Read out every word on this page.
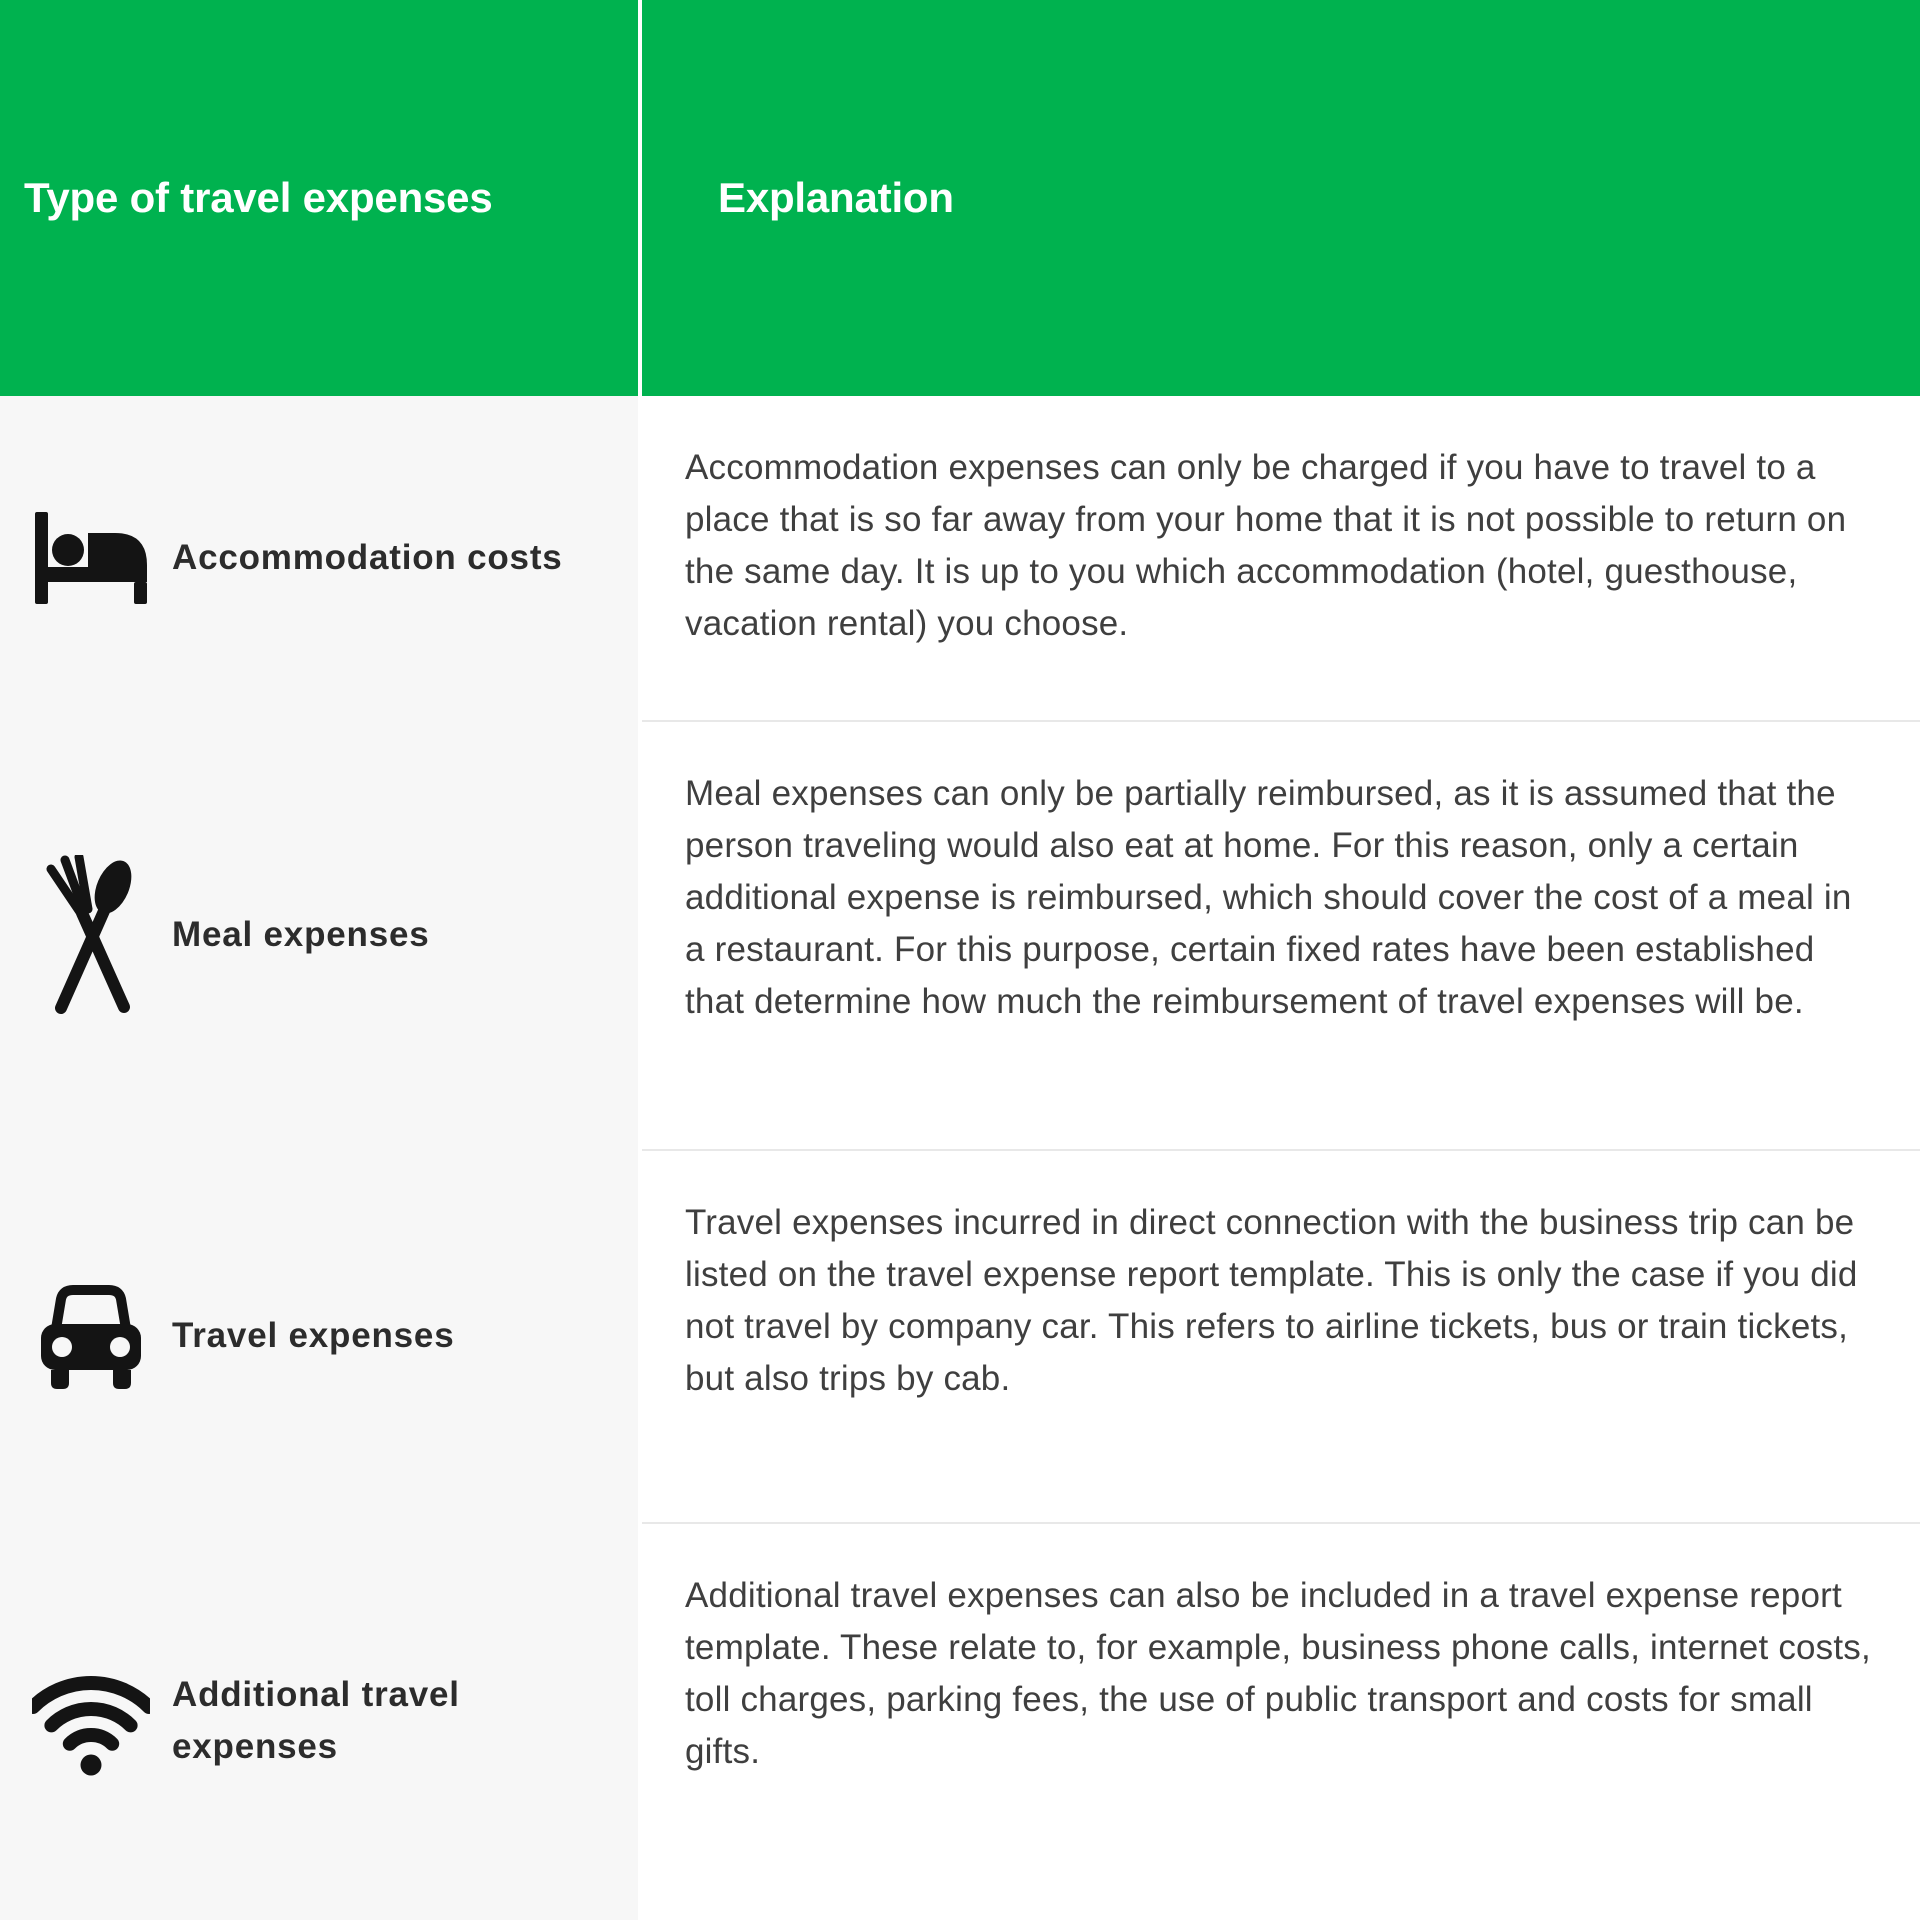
Type of travel expenses	Explanation
Accommodation costs
Meal expenses
Travel expenses
Additional travel expenses

Accommodation expenses can only be charged if you have to travel to a place that is so far away from your home that it is not possible to return on the same day. It is up to you which accommodation (hotel, guesthouse, vacation rental) you choose.

Meal expenses can only be partially reimbursed, as it is assumed that the person traveling would also eat at home. For this reason, only a certain additional expense is reimbursed, which should cover the cost of a meal in a restaurant. For this purpose, certain fixed rates have been established that determine how much the reimbursement of travel expenses will be.

Travel expenses incurred in direct connection with the business trip can be listed on the travel expense report template. This is only the case if you did not travel by company car. This refers to airline tickets, bus or train tickets, but also trips by cab.

Additional travel expenses can also be included in a travel expense report template. These relate to, for example, business phone calls, internet costs, toll charges, parking fees, the use of public transport and costs for small gifts.
